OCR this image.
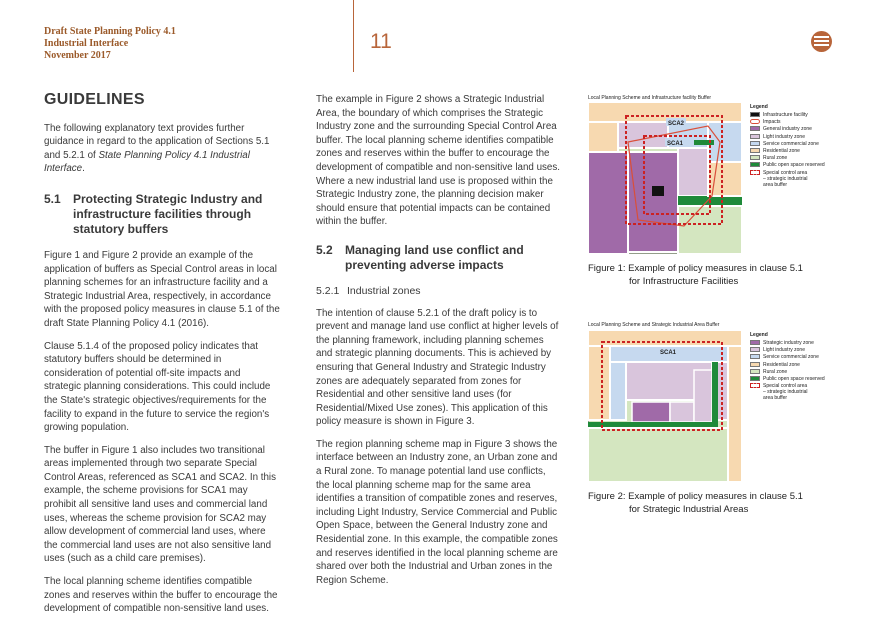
Draft State Planning Policy 4.1
Industrial Interface
November 2017
11
GUIDELINES

The following explanatory text provides further guidance in regard to the application of Sections 5.1 and 5.2.1 of State Planning Policy 4.1 Industrial Interface.

5.1	Protecting Strategic Industry and infrastructure facilities through statutory buffers

Figure 1 and Figure 2 provide an example of the application of buffers as Special Control areas in local planning schemes for an infrastructure facility and a Strategic Industrial Area, respectively, in accordance with the proposed policy measures in clause 5.1 of the draft State Planning Policy 4.1 (2016).

Clause 5.1.4 of the proposed policy indicates that statutory buffers should be determined in consideration of potential off-site impacts and strategic planning considerations. This could include the State's strategic objectives/requirements for the facility to expand in the future to service the region's growing population.

The buffer in Figure 1 also includes two transitional areas implemented through two separate Special Control Areas, referenced as SCA1 and SCA2. In this example, the scheme provisions for SCA1 may prohibit all sensitive land uses and commercial land uses, whereas the scheme provision for SCA2 may allow development of commercial land uses, where the commercial land uses are not also sensitive land uses (such as a child care premises).

The local planning scheme identifies compatible zones and reserves within the buffer to encourage the development of compatible non-sensitive land uses.

The example in Figure 2 shows a Strategic Industrial Area, the boundary of which comprises the Strategic Industry zone and the surrounding Special Control Area buffer. The local planning scheme identifies compatible zones and reserves within the buffer to encourage the development of compatible and non-sensitive land uses. Where a new industrial land use is proposed within the Strategic Industry zone, the planning decision maker should ensure that potential impacts can be contained within the buffer.

5.2	Managing land use conflict and preventing adverse impacts
5.2.1 Industrial zones

The intention of clause 5.2.1 of the draft policy is to prevent and manage land use conflict at higher levels of the planning framework, including planning schemes and strategic planning documents. This is achieved by ensuring that General Industry and Strategic Industry zones are adequately separated from zones for Residential and other sensitive land uses (for Residential/Mixed Use zones). This application of this policy measure is shown in Figure 3.

The region planning scheme map in Figure 3 shows the interface between an Industry zone, an Urban zone and a Rural zone. To manage potential land use conflicts, the local planning scheme map for the same area identifies a transition of compatible zones and reserves, including Light Industry, Service Commercial and Public Open Space, between the General Industry zone and Residential zone. In this example, the compatible zones and reserves identified in the local planning scheme are shared over both the Industrial and Urban zones in the Region Scheme.

Local Planning Scheme and Infrastructure facility Buffer
SCA2
SCA1
Legend
Infrastructure facility
Impacts
General industry zone
Light industry zone
Service commercial zone
Residential zone
Rural zone
Public open space reserved
Special control area
– strategic industrial
area buffer
Figure 1: Example of policy measures in clause 5.1
for Infrastructure Facilities
Local Planning Scheme and Strategic Industrial Area Buffer
SCA1
Legend
Strategic industry zone
Light industry zone
Service commercial zone
Residential zone
Rural zone
Public open space reserved
Special control area
– strategic industrial
area buffer
Figure 2: Example of policy measures in clause 5.1
for Strategic Industrial Areas
